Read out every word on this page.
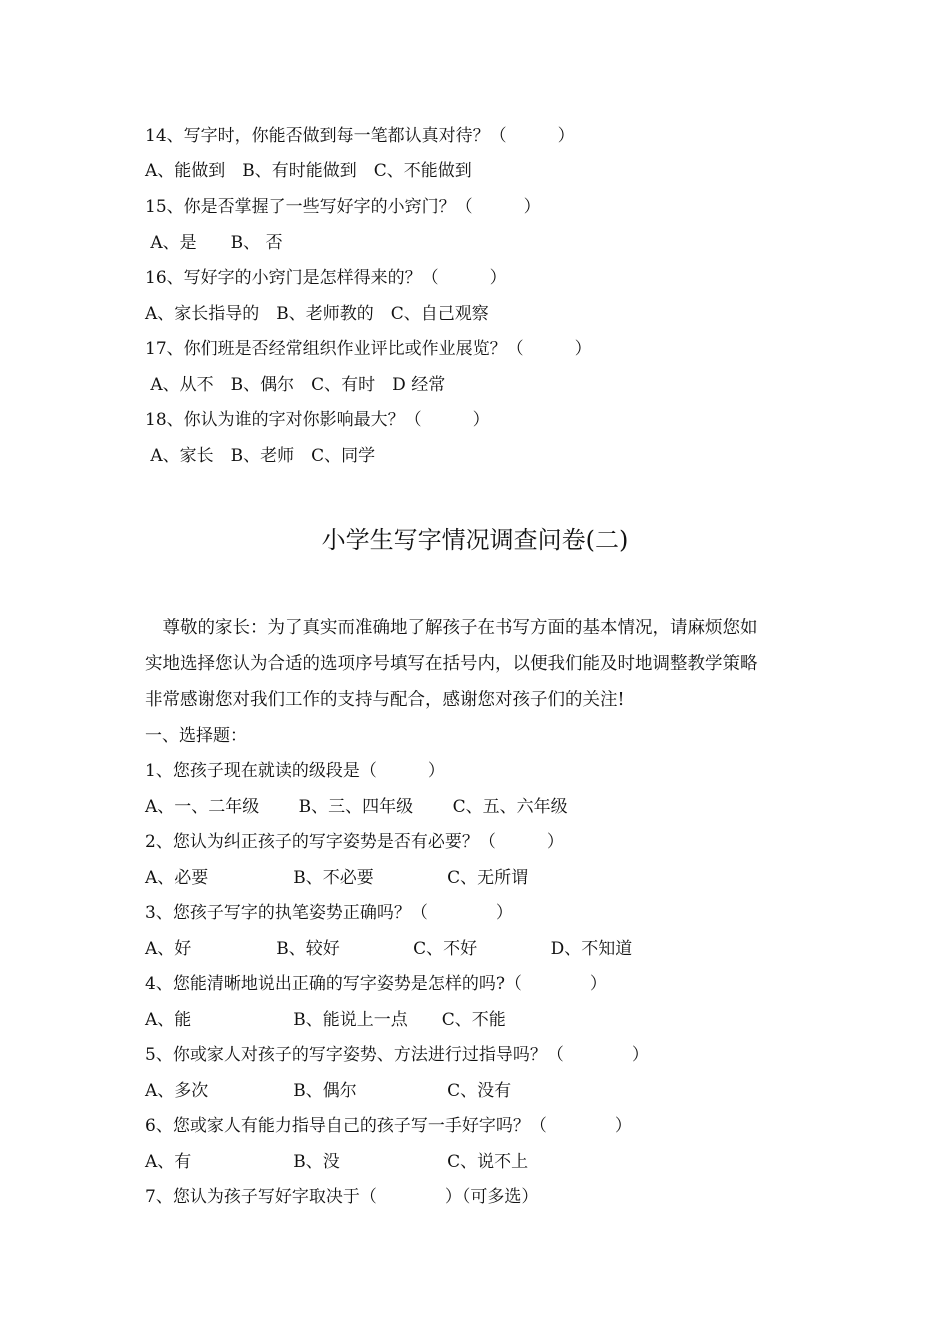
14、写字时，你能否做到每一笔都认真对待？（　　　）
A、能做到　B、有时能做到　C、不能做到
15、你是否掌握了一些写好字的小窍门？（　　　）
A、是　　B、 否
16、写好字的小窍门是怎样得来的？（　　　）
A、家长指导的　B、老师教的　C、自己观察
17、你们班是否经常组织作业评比或作业展览？（　　　）
A、从不　B、偶尔　C、有时　D 经常
18、你认为谁的字对你影响最大？（　　　）
A、家长　B、老师　C、同学
小学生写字情况调查问卷(二)
　尊敬的家长：为了真实而准确地了解孩子在书写方面的基本情况，请麻烦您如
实地选择您认为合适的选项序号填写在括号内，以便我们能及时地调整教学策略
非常感谢您对我们工作的支持与配合，感谢您对孩子们的关注!
一、选择题：
1、您孩子现在就读的级段是（　　　）
A、一、二年级　　 B、三、四年级　　 C、五、六年级
2、您认为纠正孩子的写字姿势是否有必要？（　　　）
A、必要　　　　　B、不必要　　　　 C、无所谓
3、您孩子写字的执笔姿势正确吗？（　　　　）
A、好　　　　　B、较好　　　　 C、不好　　　　 D、不知道
4、您能清晰地说出正确的写字姿势是怎样的吗?（　　　　）
A、能　　　　　　B、能说上一点　　C、不能
5、你或家人对孩子的写字姿势、方法进行过指导吗？（　　　　）
A、多次　　　　　B、偶尔　　　　　 C、没有
6、您或家人有能力指导自己的孩子写一手好字吗？（　　　　）
A、有　　　　　　B、没　　　　　　 C、说不上
7、您认为孩子写好字取决于（　　　　）（可多选）
